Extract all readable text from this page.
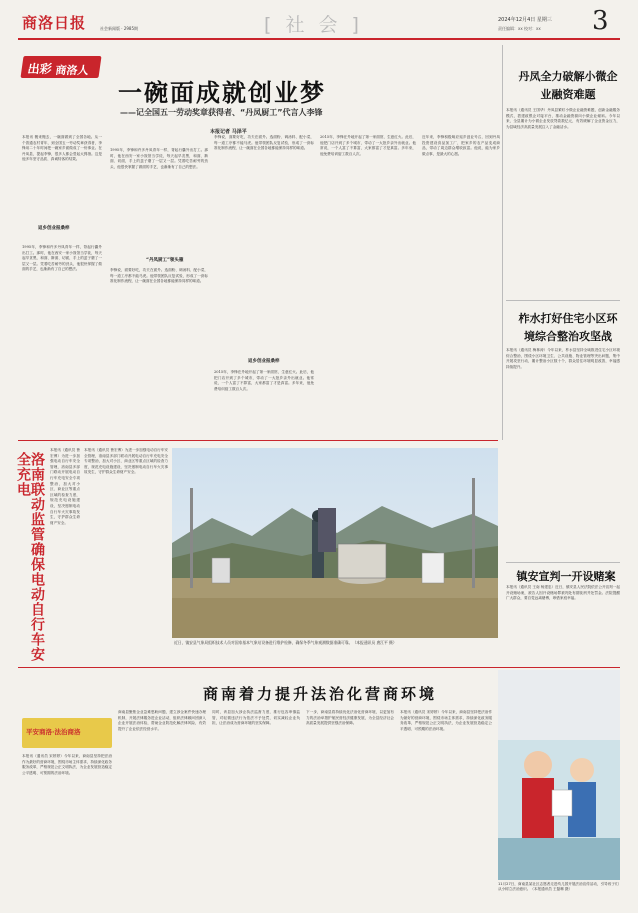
商洛日报	社会新闻版 · 2985期	[ 社 会 ]	2024年12月4日 星期三
责任编辑：xx 校对：xx 3
出彩 商洛人
一碗面成就创业梦
——记全国五一劳动奖章获得者、“丹凤厨工”代言人李锋
本报记者 马泽平
本报讯 搬来搬去，一碗面做到了全国各地。从一个普通农村青年，到全国五一劳动奖章获得者，李锋用二十年时间把一碗家乡面做成了一份事业。在丹凤县，提起李锋，很多人都会竖起大拇指。这是他多年坚守品质、真诚待客的结果。
1995年，李锋和许多丹凤青年一样，背起行囊外出打工。那时，他在西安一家小饭馆当学徒，每天起早贪黑，和面、擀面、切面，手上的茧子磨了一层又一层。凭着吃苦耐劳的劲头，他很快掌握了做面的手艺，也渐渐有了自己的想法。
返乡创业报桑梓
1995年，李锋和许多丹凤青年一样，背起行囊外出打工。那时，他在西安一家小饭馆当学徒，每天起早贪黑，和面、擀面、切面，手上的茧子磨了一层又一层。凭着吃苦耐劳的劲头，他很快掌握了做面的手艺，也渐渐有了自己的想法。
“丹凤厨工”领头雁
李锋说，面要好吃，功夫在面外。选面粉、调汤料、配小菜，每一道工序都不能马虎。他带领团队反复试验，形成了一套标准化制作流程，让一碗面在全国各地都能保持同样的味道。
李锋说，面要好吃，功夫在面外。选面粉、调汤料、配小菜，每一道工序都不能马虎。他带领团队反复试验，形成了一套标准化制作流程，让一碗面在全国各地都能保持同样的味道。
返乡创业报桑梓
2015年，李锋在外地开起了第一家面馆，生意红火。此后，他把门店开到了多个城市，带动了一大批乡亲外出就业。他常说，一个人富了不算富，大家都富了才是真富。多年来，他免费培训厨工数百人次。
2015年，李锋在外地开起了第一家面馆，生意红火。此后，他把门店开到了多个城市，带动了一大批乡亲外出就业。他常说，一个人富了不算富，大家都富了才是真富。多年来，他免费培训厨工数百人次。
近年来，李锋积极响应返乡创业号召，回到丹凤投资建设食品加工厂，把家乡的农产品变成商品，带动了周边群众增收致富。他说，能为家乡做点事，是最大的心愿。
丹凤全力破解小微企业融资难题
本报讯（通讯员 王国华）丹凤县紧盯小微企业融资难题，创新金融服务模式，搭建政银企对接平台，推动金融资源向小微企业倾斜。今年以来，全县累计为小微企业发放贷款数亿元，有效缓解了企业资金压力，为县域经济高质量发展注入了金融活水。
柞水打好住宅小区环境综合整治攻坚战
本报讯（通讯员 梅林涛）今年以来，柞水县坚持全域推进住宅小区环境综合整治，围绕小区环境卫生、公共设施、物业管理等突出问题，集中开展攻坚行动，累计整治小区数十个，群众居住环境明显改善，幸福感持续提升。
镇安宣判一开设赌案
本报讯（通讯员 王南 杨建忠）近日，镇安县人民法院依法公开宣判一起开设赌场案，被告人因开设赌场罪被判处有期徒刑并处罚金。法院提醒广大群众，要自觉远离赌博，珍惜家庭幸福。
洛南联动监管确保电动自行车安全充电
本报讯（通讯员 鲁宏博）为进一步加强电动自行车安全管理，洛南县多部门联动开展电动自行车充电安全专项整治，加大对小区、商业区等重点区域的检查力度，规范充电设施建设，坚决遏制电动自行车火灾事故发生，守护群众生命财产安全。
本报讯（通讯员 鲁宏博）为进一步加强电动自行车安全管理，洛南县多部门联动开展电动自行车充电安全专项整治，加大对小区、商业区等重点区域的检查力度，规范充电设施建设，坚决遏制电动自行车火灾事故发生，守护群众生命财产安全。
近日，镇安县气象局组织技术人员对国家基本气象站设备进行维护检修，确保冬季气象观测数据准确可靠。（本报通讯员 唐江平 摄）
商南着力提升法治化营商环境
平安商洛·法治商洛
本报讯（通讯员 宋婷婷）今年以来，商南县坚持把法治作为最好的营商环境，围绕市场主体需求，持续深化政务服务改革，严格规范公正文明执法，为企业发展营造稳定公平透明、可预期的法治环境。
商南县聚焦企业急难愁盼问题，建立涉企案件快速办理机制，开展法律服务进企业活动，组织法律顾问团深入企业开展法治体检，帮助企业防范化解法律风险，有效提升了企业依法经营水平。
同时，该县加大涉企执法监督力度，推行包容审慎监管，对轻微违法行为依法不予处罚，切实减轻企业负担，让法治成为营商环境的坚实保障。
下一步，商南县将持续优化法治化营商环境，以更加有力的法治举措护航民营经济健康发展，为全县经济社会高质量发展提供坚强法治保障。
本报讯（通讯员 宋婷婷）今年以来，商南县坚持把法治作为最好的营商环境，围绕市场主体需求，持续深化政务服务改革，严格规范公正文明执法，为企业发展营造稳定公平透明、可预期的法治环境。
11月27日，商南县某社区志愿者走进幼儿园开展法治宣传活动，引导孩子们从小树立法治意识。（本报通讯员 王磊琳 摄）
